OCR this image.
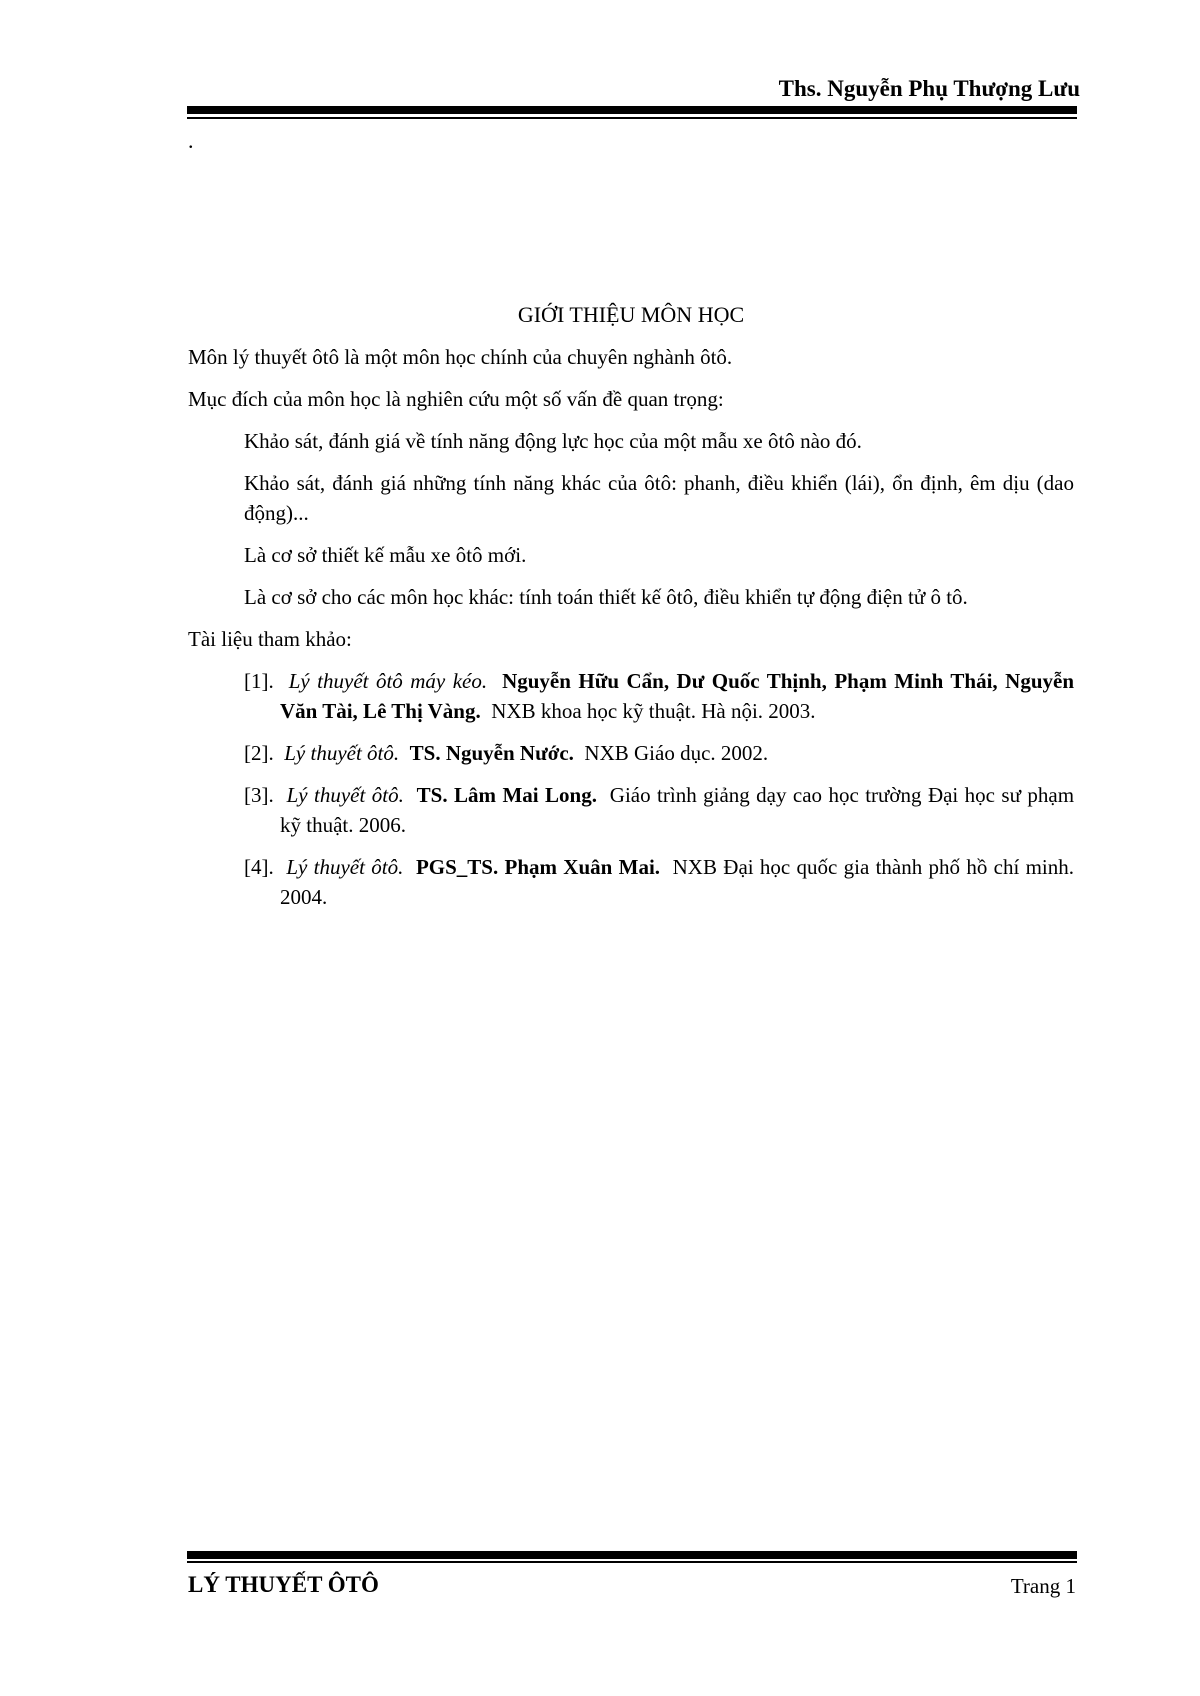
Ths. Nguyễn Phụ Thượng Lưu
.
GIỚI THIỆU MÔN HỌC

Môn lý thuyết ôtô là một môn học chính của chuyên nghành ôtô.

Mục đích của môn học là nghiên cứu một số vấn đề quan trọng:

Khảo sát, đánh giá về tính năng động lực học của một mẫu xe ôtô nào đó.

Khảo sát, đánh giá những tính năng khác của ôtô: phanh, điều khiển (lái), ổn định, êm dịu (dao động)...

Là cơ sở thiết kế mẫu xe ôtô mới.

Là cơ sở cho các môn học khác: tính toán thiết kế ôtô, điều khiển tự động điện tử ô tô.

Tài liệu tham khảo:

[1]. Lý thuyết ôtô máy kéo. Nguyễn Hữu Cẩn, Dư Quốc Thịnh, Phạm Minh Thái, Nguyễn Văn Tài, Lê Thị Vàng. NXB khoa học kỹ thuật. Hà nội. 2003.

[2]. Lý thuyết ôtô. TS. Nguyễn Nước. NXB Giáo dục. 2002.

[3]. Lý thuyết ôtô. TS. Lâm Mai Long. Giáo trình giảng dạy cao học trường Đại học sư phạm kỹ thuật. 2006.

[4]. Lý thuyết ôtô. PGS_TS. Phạm Xuân Mai. NXB Đại học quốc gia thành phố hồ chí minh. 2004.

LÝ THUYẾT ÔTÔ	Trang 1
